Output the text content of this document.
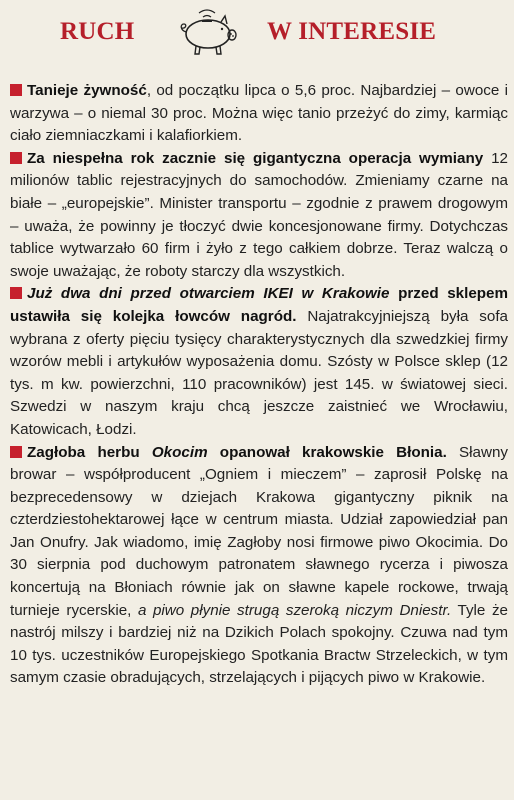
RUCH	W INTERESIE

Tanieje żywność, od początku lipca o 5,6 proc. Najbardziej – owoce i warzywa – o niemal 30 proc. Można więc tanio przeżyć do zimy, karmiąc ciało ziemniaczkami i kalafiorkiem.

Za niespełna rok zacznie się gigantyczna operacja wymiany 12 milionów tablic rejestracyjnych do samochodów. Zmieniamy czarne na białe – „europejskie”. Minister transportu – zgodnie z prawem drogowym – uważa, że powinny je tłoczyć dwie koncesjonowane firmy. Dotychczas tablice wytwarzało 60 firm i żyło z tego całkiem dobrze. Teraz walczą o swoje uważając, że roboty starczy dla wszystkich.

Już dwa dni przed otwarciem IKEI w Krakowie przed sklepem ustawiła się kolejka łowców nagród. Najatrakcyjniejszą była sofa wybrana z oferty pięciu tysięcy charakterystycznych dla szwedzkiej firmy wzorów mebli i artykułów wyposażenia domu. Szósty w Polsce sklep (12 tys. m kw. powierzchni, 110 pracowników) jest 145. w światowej sieci. Szwedzi w naszym kraju chcą jeszcze zaistnieć we Wrocławiu, Katowicach, Łodzi.

Zagłoba herbu Okocim opanował krakowskie Błonia. Sławny browar – współproducent „Ogniem i mieczem” – zaprosił Polskę na bezprecedensowy w dziejach Krakowa gigantyczny piknik na czterdziestohektarowej łące w centrum miasta. Udział zapowiedział pan Jan Onufry. Jak wiadomo, imię Zagłoby nosi firmowe piwo Okocimia. Do 30 sierpnia pod duchowym patronatem sławnego rycerza i piwosza koncertują na Błoniach równie jak on sławne kapele rockowe, trwają turnieje rycerskie, a piwo płynie strugą szeroką niczym Dniestr. Tyle że nastrój milszy i bardziej niż na Dzikich Polach spokojny. Czuwa nad tym 10 tys. uczestników Europejskiego Spotkania Bractw Strzeleckich, w tym samym czasie obradujących, strzelających i pijących piwo w Krakowie.
